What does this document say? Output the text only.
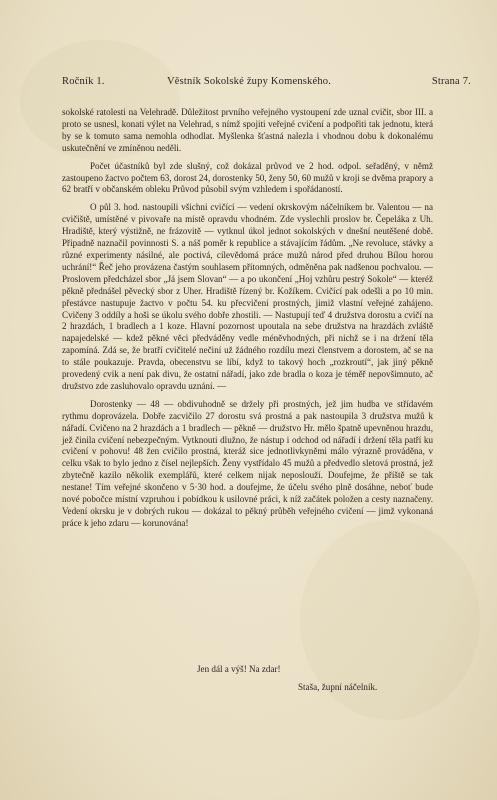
Ročník 1.	Věstník Sokolské župy Komenského.	Strana 7.

sokolské ratolesti na Velehradě. Důležitost prvního veřejného vystoupení zde uznal cvičit, sbor III. a proto se usnesl, konati výlet na Velehrad, s nímž spojiti veřejné cvičení a podpořiti tak jednotu, která by se k tomuto sama nemohla odhodlat. Myšlenka šťastná nalezla i vhodnou dobu k dokonalému uskutečnění ve zmíněnou neděli.

Počet účastníků byl zde slušný, což dokázal průvod ve 2 hod. odpol. seřaděný, v němž zastoupeno žactvo počtem 63, dorost 24, dorostenky 50, ženy 50, 60 mužů v kroji se dvěma prapory a 62 bratří v občanském obleku Průvod působil svým vzhledem i spořádaností.

O půl 3. hod. nastoupili všichni cvičící — vedení okrskovým náčelníkem br. Valentou — na cvičiště, umístěné v pivovaře na místě opravdu vhodném. Zde vyslechli proslov br. Čepeláka z Uh. Hradiště, který výstižně, ne frázovitě — vytknul úkol jednot sokolských v dnešní neutěšené době. Připadně naznačil povinnosti S. a náš poměr k republice a stávajícím řádům. „Ne revoluce, stávky a různé experimenty násilné, ale poctivá, cílevědomá práce mužů národ před druhou Bílou horou uchrání!“ Řeč jeho provázena častým souhlasem přítomných, odměněna pak nadšenou pochvalou. — Proslovem předcházel sbor „Já jsem Slovan“ — a po ukončení „Hoj vzhůru pestrý Sokole“ — kteréž pěkně přednášel pěvecký sbor z Uher. Hradiště řízený br. Kožíkem. Cvičící pak odešli a po 10 min. přestávce nastupuje žactvo v počtu 54. ku přecvičení prostných, jimiž vlastní veřejné zahájeno. Cvičeny 3 oddíly a hoši se úkolu svého dobře zhostili. — Nastupují teď 4 družstva dorostu a cvičí na 2 hrazdách, 1 bradlech a 1 koze. Hlavní pozornost upoutala na sebe družstva na hrazdách zvláště napajedelské — kdež pěkné věci předváděny vedle méněvhodných, při nichž se i na držení těla zapomíná. Zdá se, že bratří cvičitelé nečiní už žádného rozdílu mezi členstvem a dorostem, ač se na to stále poukazuje. Pravda, obecenstvu se líbí, když to takový hoch „rozkroutí“, jak jiný pěkně provedený cvik a není pak divu, že ostatní nářadí, jako zde bradla o koza je téměř nepovšimnuto, ač družstvo zde zasluhovalo opravdu uznání. —

Dorostenky — 48 — obdivuhodně se držely při prostných, jež jim hudba ve střídavém rythmu doprovázela. Dobře zacvičilo 27 dorostu svá prostná a pak nastoupila 3 družstva mužů k nářadí. Cvičeno na 2 hrazdách a 1 bradlech — pěkně — družstvo Hr. mělo špatně upevněnou hrazdu, jež činila cvičení nebezpečným. Vytknouti dlužno, že nástup i odchod od nářadí i držení těla patří ku cvičení v pohovu! 48 žen cvičilo prostná, kteráž sice jednotlivkyněmi málo výrazně prováděna, v celku však to bylo jedno z čísel nejlepších. Ženy vystřídalo 45 mužů a předvedlo sletová prostná, jež zbytečně kazilo několik exemplářů, které celkem nijak neposlouží. Doufejme, že příště se tak nestane! Tím veřejné skončeno v 5·30 hod. a doufejme, že účelu svého plně dosáhne, neboť bude nové pobočce místní vzpruhou i pobídkou k usilovné práci, k níž začátek položen a cesty naznačeny. Vedení okrsku je v dobrých rukou — dokázal to pěkný průběh veřejného cvičení — jimž vykonaná práce k jeho zdaru — korunována!

Jen dál a výš! Na zdar!
Staša, župní náčelník.
